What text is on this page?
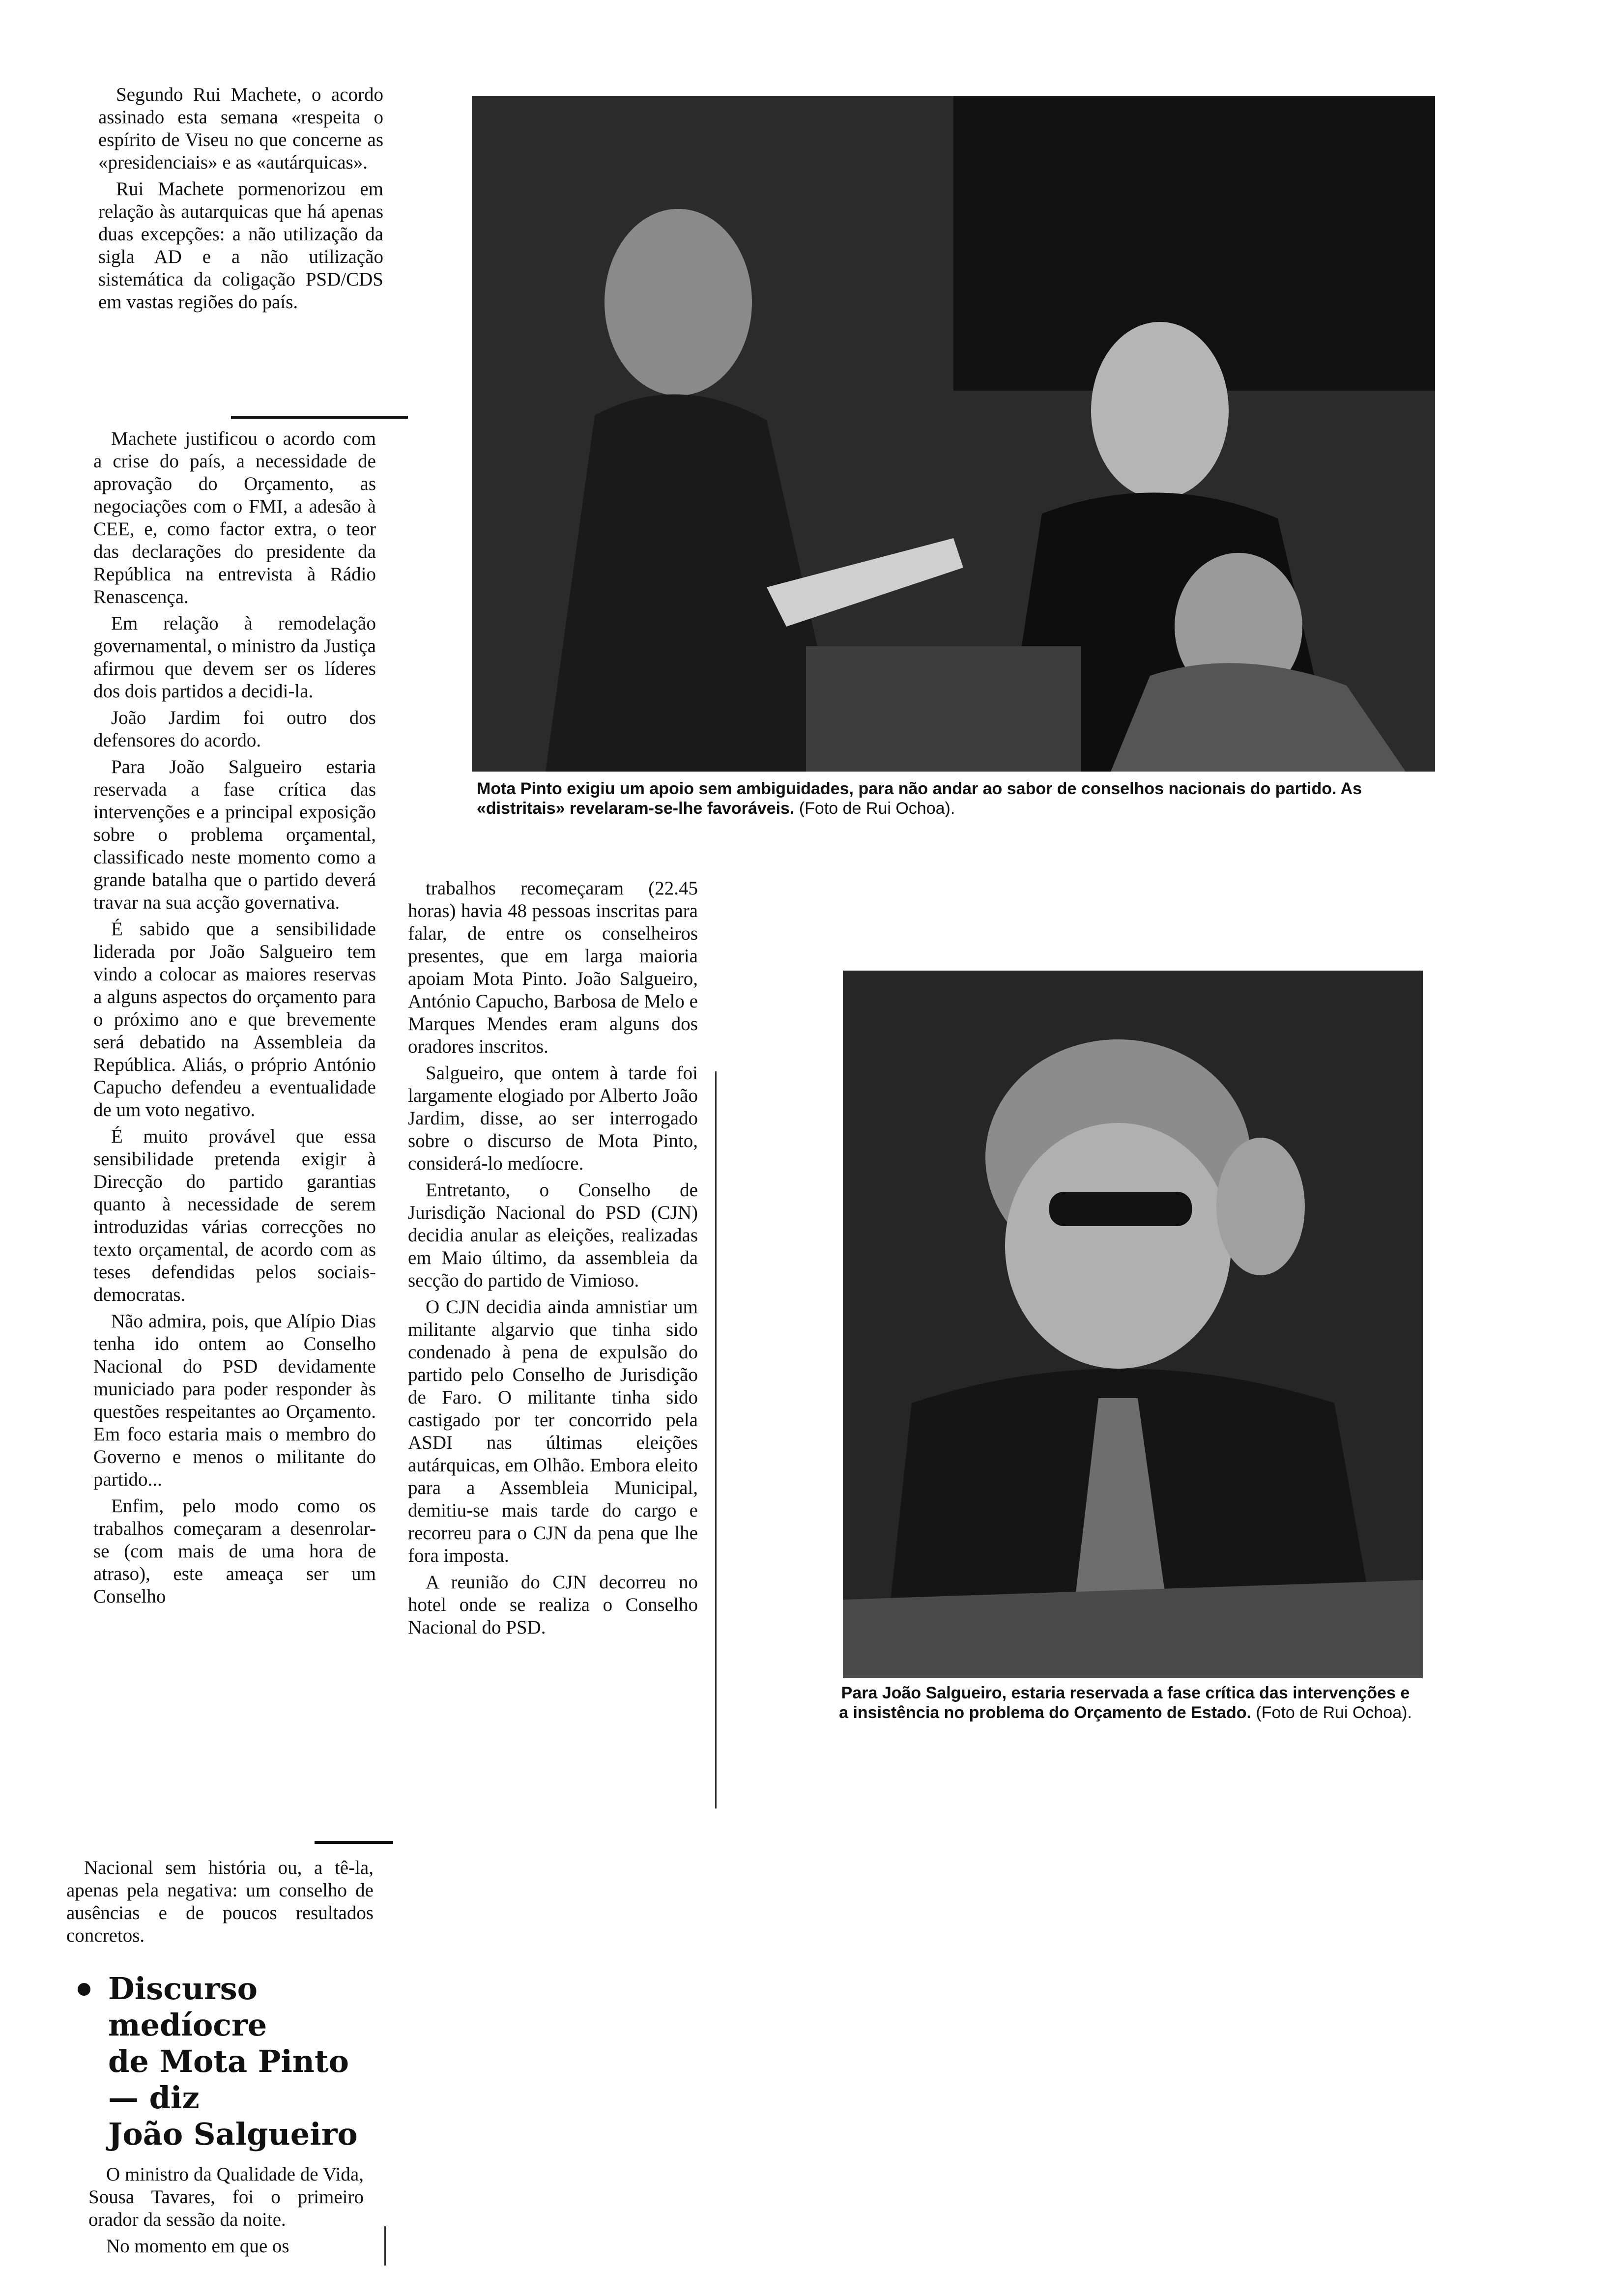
Segundo Rui Machete, o acordo assinado esta semana «respeita o espírito de Viseu no que concerne as «presidenciais» e as «autárquicas».

Rui Machete pormenorizou em relação às autarquicas que há apenas duas excepções: a não utilização da sigla AD e a não utilização sistemática da coligação PSD/CDS em vastas regiões do país.

Machete justificou o acordo com a crise do país, a necessidade de aprovação do Orçamento, as negociações com o FMI, a adesão à CEE, e, como factor extra, o teor das declarações do presidente da República na entrevista à Rádio Renascença.

Em relação à remodelação governamental, o ministro da Justiça afirmou que devem ser os líderes dos dois partidos a decidi-la.

João Jardim foi outro dos defensores do acordo.

Para João Salgueiro estaria reservada a fase crítica das intervenções e a principal exposição sobre o problema orçamental, classificado neste momento como a grande batalha que o partido deverá travar na sua acção governativa.

É sabido que a sensibilidade liderada por João Salgueiro tem vindo a colocar as maiores reservas a alguns aspectos do orçamento para o próximo ano e que brevemente será debatido na Assembleia da República. Aliás, o próprio António Capucho defendeu a eventualidade de um voto negativo.

É muito provável que essa sensibilidade pretenda exigir à Direcção do partido garantias quanto à necessidade de serem introduzidas várias correcções no texto orçamental, de acordo com as teses defendidas pelos sociais-democratas.

Não admira, pois, que Alípio Dias tenha ido ontem ao Conselho Nacional do PSD devidamente municiado para poder responder às questões respeitantes ao Orçamento. Em foco estaria mais o membro do Governo e menos o militante do partido...

Enfim, pelo modo como os trabalhos começaram a desenrolar-se (com mais de uma hora de atraso), este ameaça ser um Conselho

Nacional sem história ou, a tê-la, apenas pela negativa: um conselho de ausências e de poucos resultados concretos.

Discurso
medíocre
de Mota Pinto
— diz
João Salgueiro

O ministro da Qualidade de Vida, Sousa Tavares, foi o primeiro orador da sessão da noite.

No momento em que os

trabalhos recomeçaram (22.45 horas) havia 48 pessoas inscritas para falar, de entre os conselheiros presentes, que em larga maioria apoiam Mota Pinto. João Salgueiro, António Capucho, Barbosa de Melo e Marques Mendes eram alguns dos oradores inscritos.

Salgueiro, que ontem à tarde foi largamente elogiado por Alberto João Jardim, disse, ao ser interrogado sobre o discurso de Mota Pinto, considerá-lo medíocre.

Entretanto, o Conselho de Jurisdição Nacional do PSD (CJN) decidia anular as eleições, realizadas em Maio último, da assembleia da secção do partido de Vimioso.

O CJN decidia ainda amnistiar um militante algarvio que tinha sido condenado à pena de expulsão do partido pelo Conselho de Jurisdição de Faro. O militante tinha sido castigado por ter concorrido pela ASDI nas últimas eleições autárquicas, em Olhão. Embora eleito para a Assembleia Municipal, demitiu-se mais tarde do cargo e recorreu para o CJN da pena que lhe fora imposta.

A reunião do CJN decorreu no hotel onde se realiza o Conselho Nacional do PSD.

Mota Pinto exigiu um apoio sem ambiguidades, para não andar ao sabor de conselhos nacionais do partido. As «distritais» revelaram-se-lhe favoráveis. (Foto de Rui Ochoa).
Para João Salgueiro, estaria reservada a fase crítica das intervenções e a insistência no problema do Orçamento de Estado. (Foto de Rui Ochoa).
